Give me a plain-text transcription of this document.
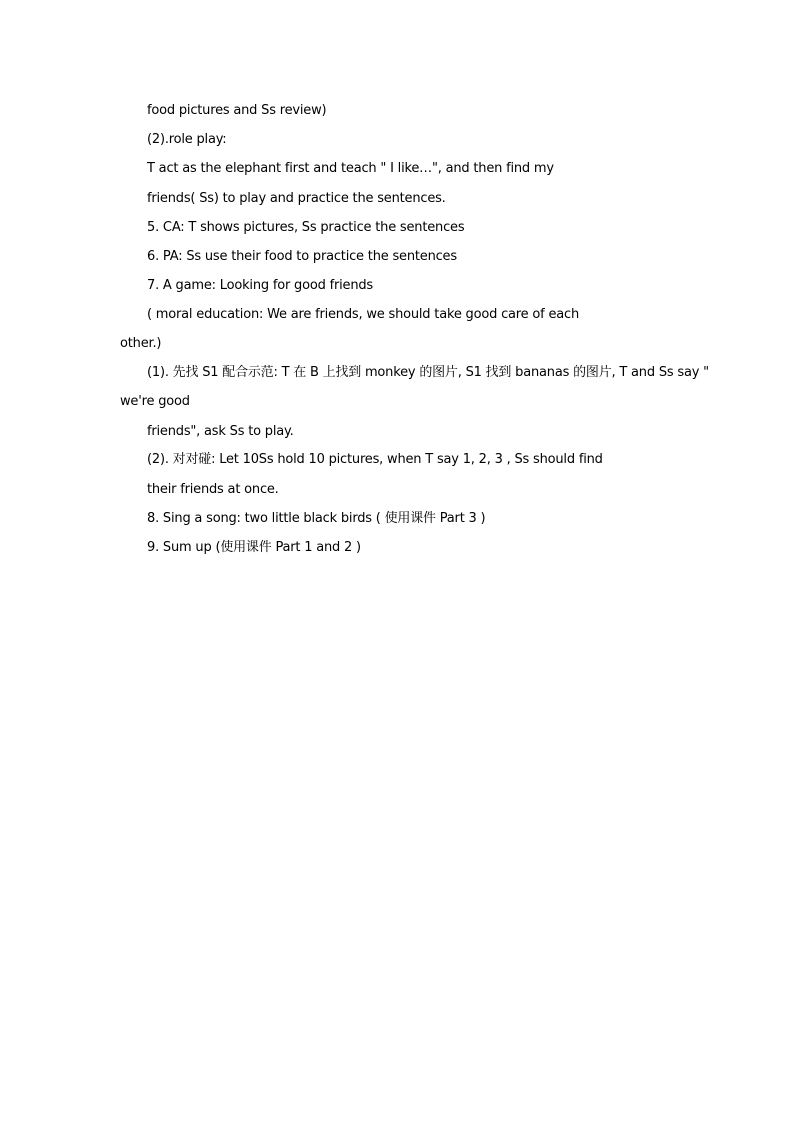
food pictures and Ss review)
(2).role play:
T act as the elephant first and teach " I like…", and then find my
friends( Ss) to play and practice the sentences.
5. CA: T shows pictures, Ss practice the sentences
6. PA: Ss use their food to practice the sentences
7. A game: Looking for good friends
( moral education: We are friends, we should take good care of each
other.)
(1). 先找 S1 配合示范: T 在 B 上找到 monkey 的图片, S1 找到 bananas 的图片, T and Ss say "
we're good
friends", ask Ss to play.
(2). 对对碰: Let 10Ss hold 10 pictures, when T say 1, 2, 3 , Ss should find
their friends at once.
8. Sing a song: two little black birds ( 使用课件 Part 3 )
9. Sum up (使用课件 Part 1 and 2 )
